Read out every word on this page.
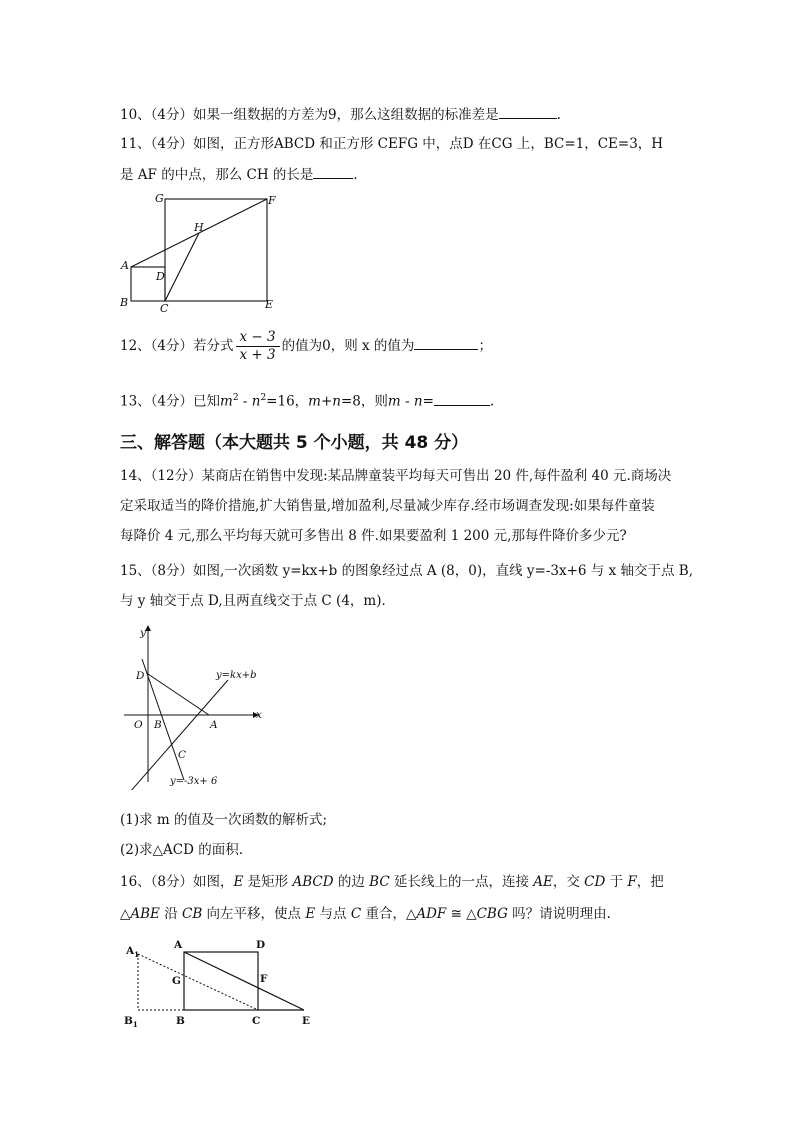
10、（4分）如果一组数据的方差为9，那么这组数据的标准差是	.
11、（4分）如图，正方形ABCD 和正方形 CEFG 中，点D 在CG 上，BC=1，CE=3，H
是 AF 的中点，那么 CH 的长是	.
G	F
H
A
D
B	C	E
12、（4分）若分式 $\frac{x - 3}{x + 3}$ 的值为0，则 x 的值为	；
13、（4分）已知$m^2 - n^2=16$，m+n=8，则m - n=	.
三、解答题（本大题共 5 个小题，共 48 分）
14、（12分）某商店在销售中发现:某品牌童装平均每天可售出 20 件,每件盈利 40 元.商场决
定采取适当的降价措施,扩大销售量,增加盈利,尽量减少库存.经市场调查发现:如果每件童装
每降价 4 元,那么平均每天就可多售出 8 件.如果要盈利 1 200 元,那每件降价多少元?
15、（8分）如图,一次函数 y=kx+b 的图象经过点 A (8，0)，直线 y=-3x+6 与 x 轴交于点 B,
与 y 轴交于点 D,且两直线交于点 C (4，m)．
y
x
D
O B	A
C
y=kx+b
y=-3x+ 6
(1)求 m 的值及一次函数的解析式;
(2)求△ACD 的面积.
16、（8分）如图，E 是矩形 ABCD 的边 BC 延长线上的一点，连接 AE，交 CD 于 F，把
△ABE 沿 CB 向左平移，使点 E 与点 C 重合，△ADF ≅ △CBG 吗？请说明理由.
$A_1$
A	D
G	F
$B_1$	B	C	E
